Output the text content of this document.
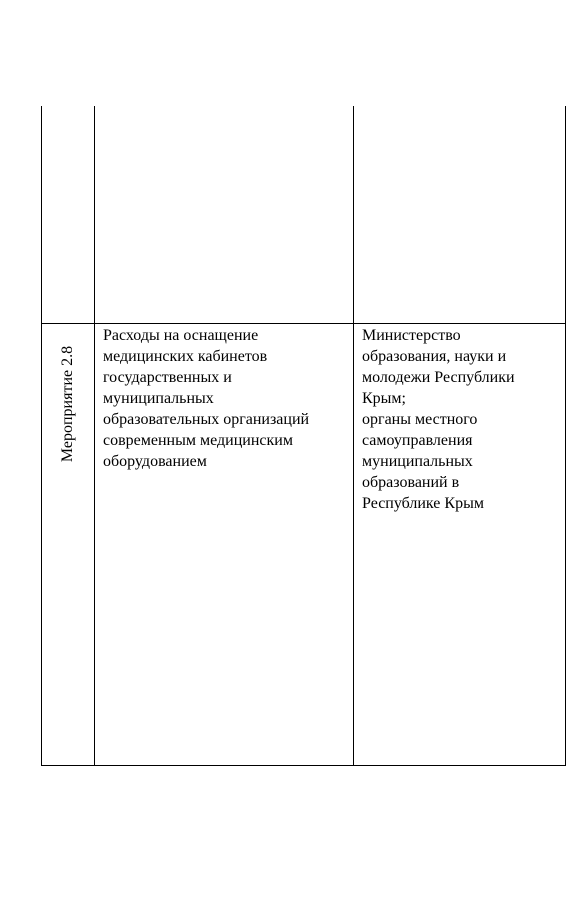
Мероприятие 2.8

Расходы на оснащение
медицинских кабинетов
государственных и
муниципальных
образовательных организаций
современным медицинским
оборудованием

Министерство
образования, науки и
молодежи Республики
Крым;
органы местного
самоуправления
муниципальных
образований в
Республике Крым
